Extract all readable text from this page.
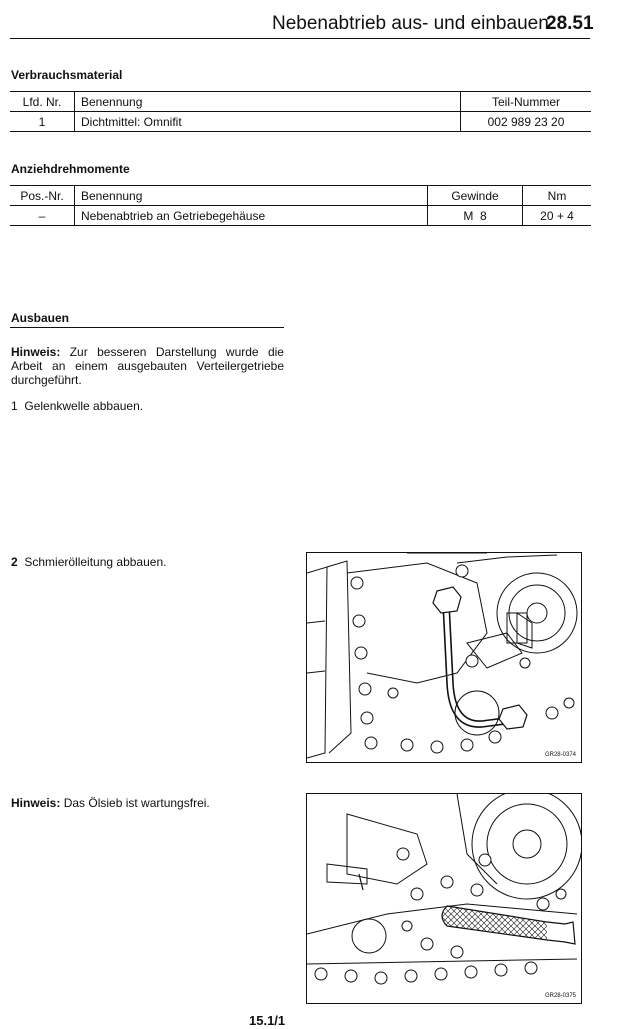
Nebenabtrieb aus- und einbauen
28.51
Verbrauchsmaterial
Lfd. Nr.	Benennung	Teil-Nummer
1	Dichtmittel: Omnifit	002 989 23 20
Anziehdrehmomente
Pos.-Nr.	Benennung	Gewinde	Nm
–	Nebenabtrieb an Getriebegehäuse	M  8	20 + 4
Ausbauen
Hinweis: Zur besseren Darstellung wurde die Arbeit an einem ausgebauten Verteilergetriebe durchgeführt.
1 Gelenkwelle abbauen.
2 Schmierölleitung abbauen.
Hinweis: Das Ölsieb ist wartungsfrei.
GR28-0374
GR28-0375
15.1/1
